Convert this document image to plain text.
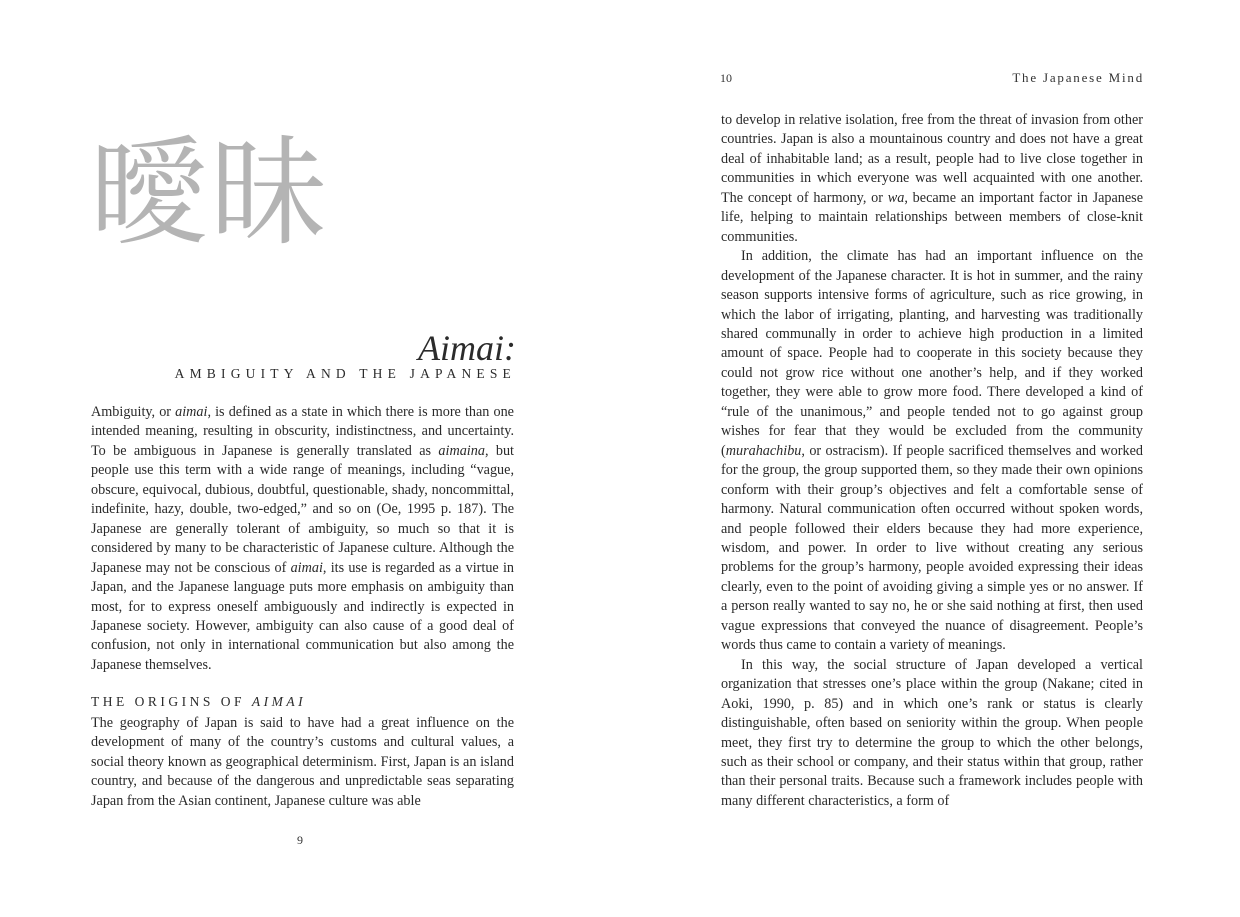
曖昧
Aimai:
AMBIGUITY AND THE JAPANESE

Ambiguity, or aimai, is defined as a state in which there is more than one intended meaning, resulting in obscurity, indistinctness, and uncertainty. To be ambiguous in Japanese is generally translated as aimaina, but people use this term with a wide range of meanings, including “vague, obscure, equivocal, dubious, doubtful, questionable, shady, noncommittal, indefinite, hazy, double, two-edged,” and so on (Oe, 1995 p. 187). The Japanese are generally tolerant of ambiguity, so much so that it is considered by many to be characteristic of Japanese culture. Although the Japanese may not be conscious of aimai, its use is regarded as a virtue in Japan, and the Japanese language puts more emphasis on ambiguity than most, for to express oneself ambiguously and indirectly is expected in Japanese society. However, ambiguity can also cause of a good deal of confusion, not only in international communication but also among the Japanese themselves.

THE ORIGINS OF AIMAI

The geography of Japan is said to have had a great influence on the development of many of the country’s customs and cultural values, a social theory known as geographical determinism. First, Japan is an island country, and because of the dangerous and unpredictable seas separating Japan from the Asian continent, Japanese culture was able

9
10	The Japanese Mind

to develop in relative isolation, free from the threat of invasion from other countries. Japan is also a mountainous country and does not have a great deal of inhabitable land; as a result, people had to live close together in communities in which everyone was well acquainted with one another. The concept of harmony, or wa, became an important factor in Japanese life, helping to maintain relationships between members of close-knit communities.

In addition, the climate has had an important influence on the development of the Japanese character. It is hot in summer, and the rainy season supports intensive forms of agriculture, such as rice growing, in which the labor of irrigating, planting, and harvesting was traditionally shared communally in order to achieve high production in a limited amount of space. People had to cooperate in this society because they could not grow rice without one another’s help, and if they worked together, they were able to grow more food. There developed a kind of “rule of the unanimous,” and people tended not to go against group wishes for fear that they would be excluded from the community (murahachibu, or ostracism). If people sacrificed themselves and worked for the group, the group supported them, so they made their own opinions conform with their group’s objectives and felt a comfortable sense of harmony. Natural communication often occurred without spoken words, and people followed their elders because they had more experience, wisdom, and power. In order to live without creating any serious problems for the group’s harmony, people avoided expressing their ideas clearly, even to the point of avoiding giving a simple yes or no answer. If a person really wanted to say no, he or she said nothing at first, then used vague expressions that conveyed the nuance of disagreement. People’s words thus came to contain a variety of meanings.

In this way, the social structure of Japan developed a vertical organization that stresses one’s place within the group (Nakane; cited in Aoki, 1990, p. 85) and in which one’s rank or status is clearly distinguishable, often based on seniority within the group. When people meet, they first try to determine the group to which the other belongs, such as their school or company, and their status within that group, rather than their personal traits. Because such a framework includes people with many different characteristics, a form of
